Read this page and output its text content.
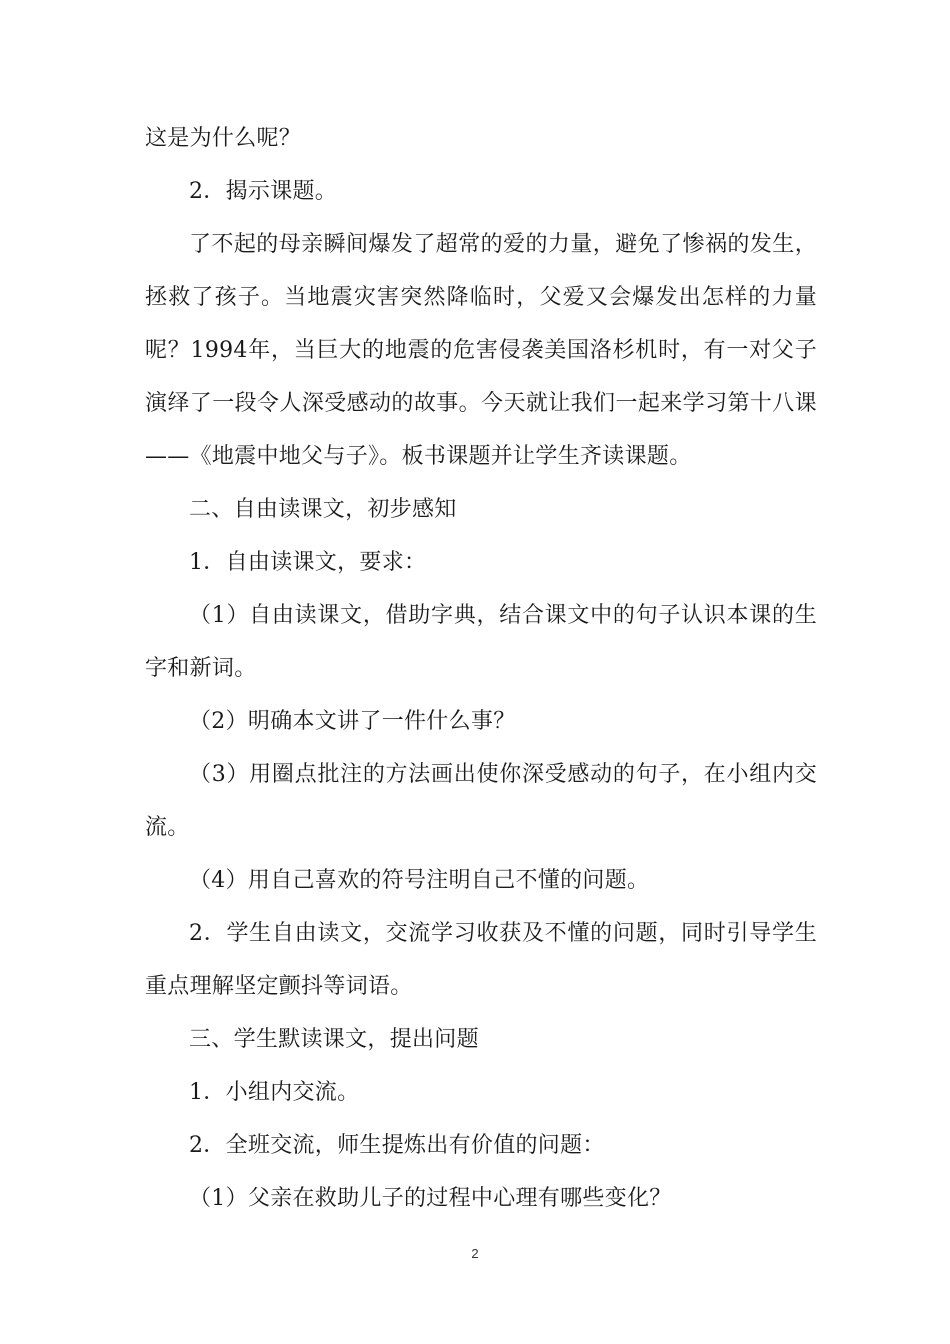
这是为什么呢？

2．揭示课题。

了不起的母亲瞬间爆发了超常的爱的力量，避免了惨祸的发生，拯救了孩子。当地震灾害突然降临时，父爱又会爆发出怎样的力量呢？1994年，当巨大的地震的危害侵袭美国洛杉机时，有一对父子演绎了一段令人深受感动的故事。今天就让我们一起来学习第十八课——《地震中地父与子》。板书课题并让学生齐读课题。

二、自由读课文，初步感知

1．自由读课文，要求：

（1）自由读课文，借助字典，结合课文中的句子认识本课的生字和新词。

（2）明确本文讲了一件什么事？

（3）用圈点批注的方法画出使你深受感动的句子，在小组内交流。

（4）用自己喜欢的符号注明自己不懂的问题。

2．学生自由读文，交流学习收获及不懂的问题，同时引导学生重点理解坚定颤抖等词语。

三、学生默读课文，提出问题

1．小组内交流。

2．全班交流，师生提炼出有价值的问题：

（1）父亲在救助儿子的过程中心理有哪些变化？

2
